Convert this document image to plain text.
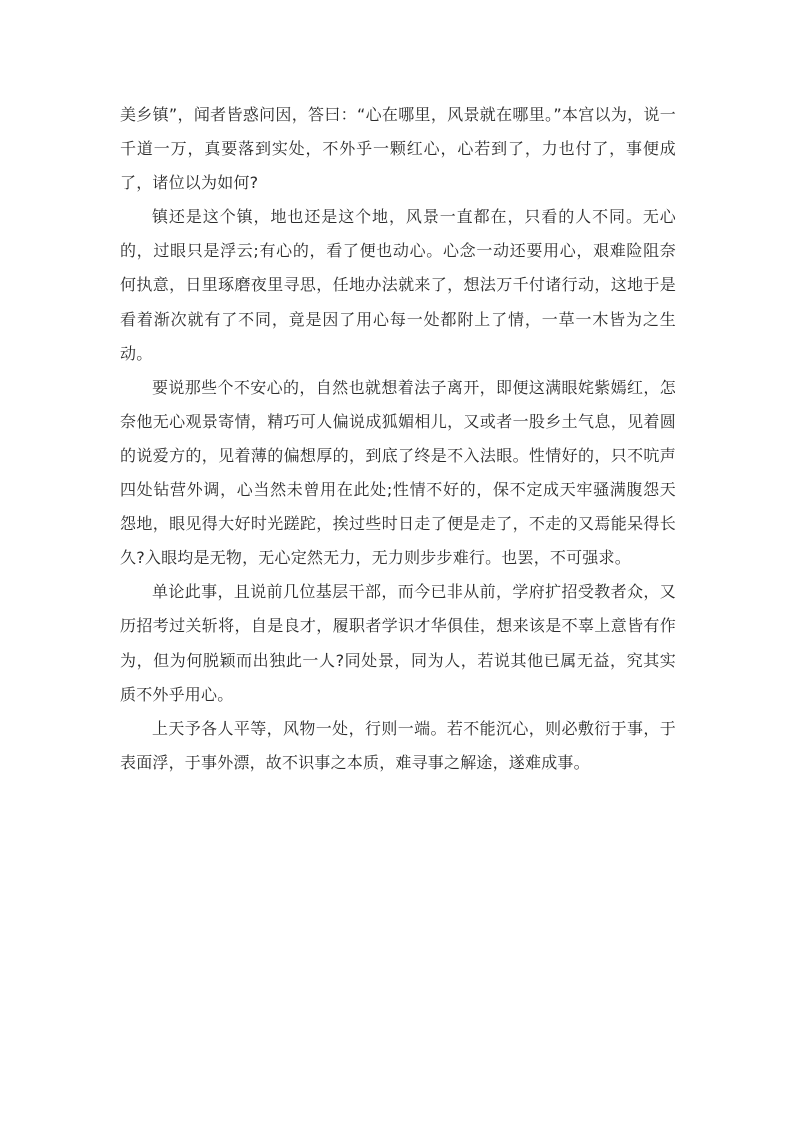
美乡镇”，闻者皆惑问因，答曰：“心在哪里，风景就在哪里。”本宫以为，说一千道一万，真要落到实处，不外乎一颗红心，心若到了，力也付了，事便成了，诸位以为如何?

镇还是这个镇，地也还是这个地，风景一直都在，只看的人不同。无心的，过眼只是浮云;有心的，看了便也动心。心念一动还要用心，艰难险阻奈何执意，日里琢磨夜里寻思，任地办法就来了，想法万千付诸行动，这地于是看着渐次就有了不同，竟是因了用心每一处都附上了情，一草一木皆为之生动。

要说那些个不安心的，自然也就想着法子离开，即便这满眼姹紫嫣红，怎奈他无心观景寄情，精巧可人偏说成狐媚相儿，又或者一股乡土气息，见着圆的说爱方的，见着薄的偏想厚的，到底了终是不入法眼。性情好的，只不吭声四处钻营外调，心当然未曾用在此处;性情不好的，保不定成天牢骚满腹怨天怨地，眼见得大好时光蹉跎，挨过些时日走了便是走了，不走的又焉能呆得长久?入眼均是无物，无心定然无力，无力则步步难行。也罢，不可强求。

单论此事，且说前几位基层干部，而今已非从前，学府扩招受教者众，又历招考过关斩将，自是良才，履职者学识才华俱佳，想来该是不辜上意皆有作为，但为何脱颖而出独此一人?同处景，同为人，若说其他已属无益，究其实质不外乎用心。

上天予各人平等，风物一处，行则一端。若不能沉心，则必敷衍于事，于表面浮，于事外漂，故不识事之本质，难寻事之解途，遂难成事。
